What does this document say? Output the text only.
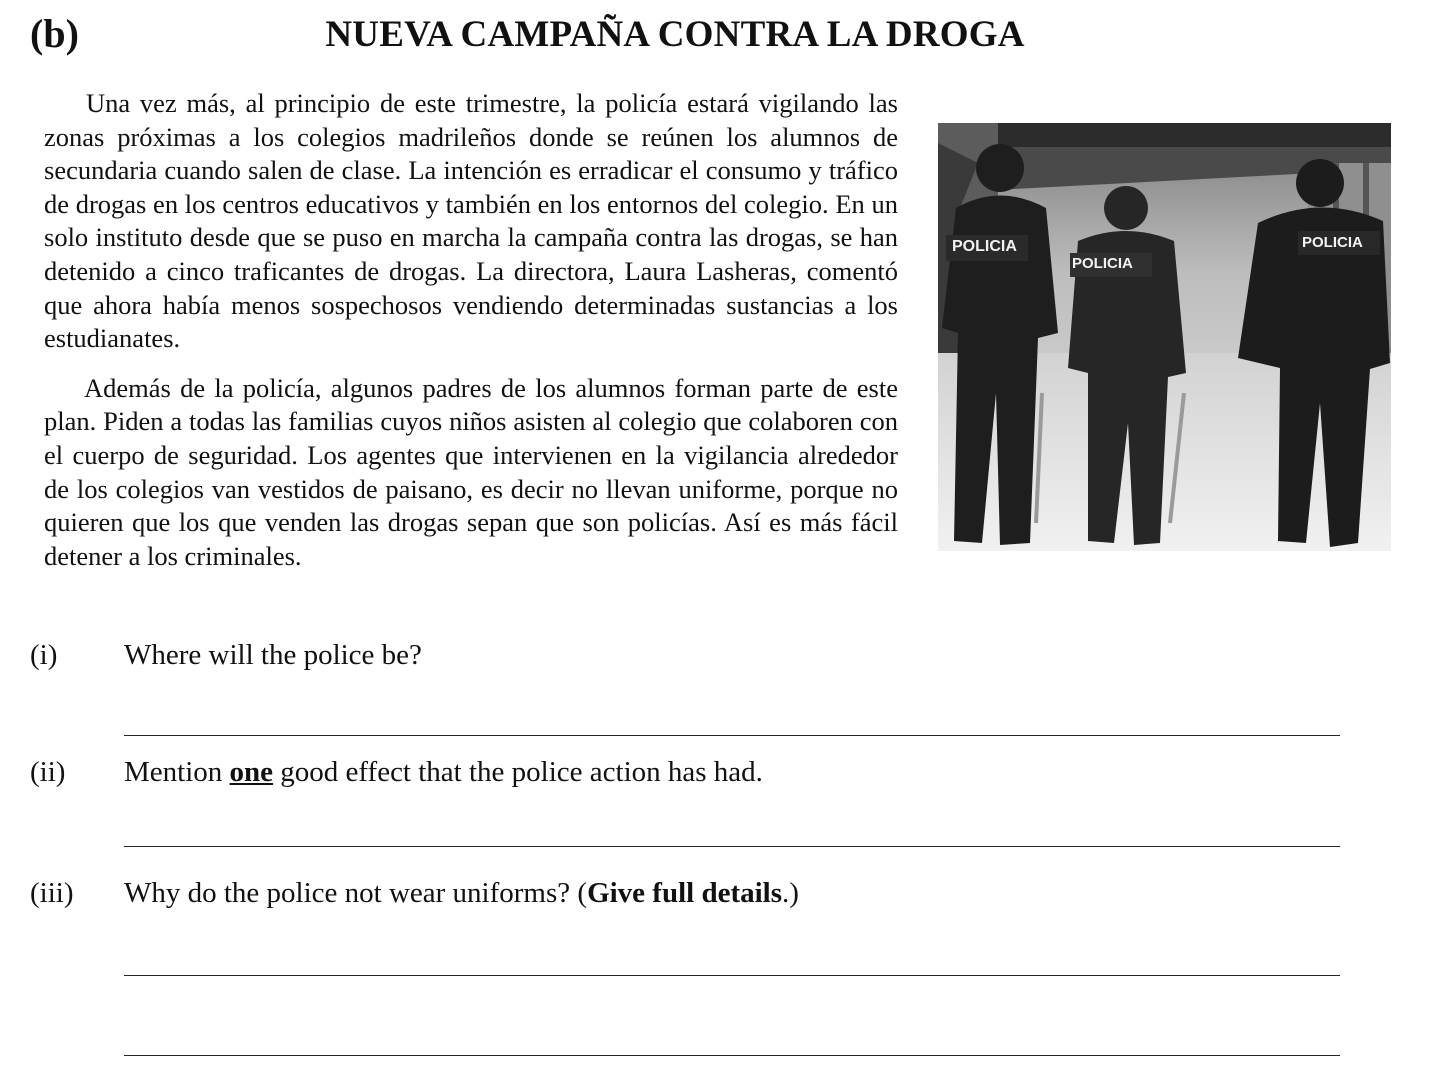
(b)	NUEVA CAMPAÑA CONTRA LA DROGA

Una vez más, al principio de este trimestre, la policía estará vigilando las zonas próximas a los colegios madrileños donde se reúnen los alumnos de secundaria cuando salen de clase. La intención es erradicar el consumo y tráfico de drogas en los centros educativos y también en los entornos del colegio. En un solo instituto desde que se puso en marcha la campaña contra las drogas, se han detenido a cinco traficantes de drogas. La directora, Laura Lasheras, comentó que ahora había menos sospechosos vendiendo determinadas sustancias a los estudianates.

Además de la policía, algunos padres de los alumnos forman parte de este plan. Piden a todas las familias cuyos niños asisten al colegio que colaboren con el cuerpo de seguridad. Los agentes que intervienen en la vigilancia alrededor de los colegios van vestidos de paisano, es decir no llevan uniforme, porque no quieren que los que venden las drogas sepan que son policías. Así es más fácil detener a los criminales.

POLICIA
POLICIA
POLICIA
(i) Where will the police be?
(ii) Mention one good effect that the police action has had.
(iii) Why do the police not wear uniforms? (Give full details.)
